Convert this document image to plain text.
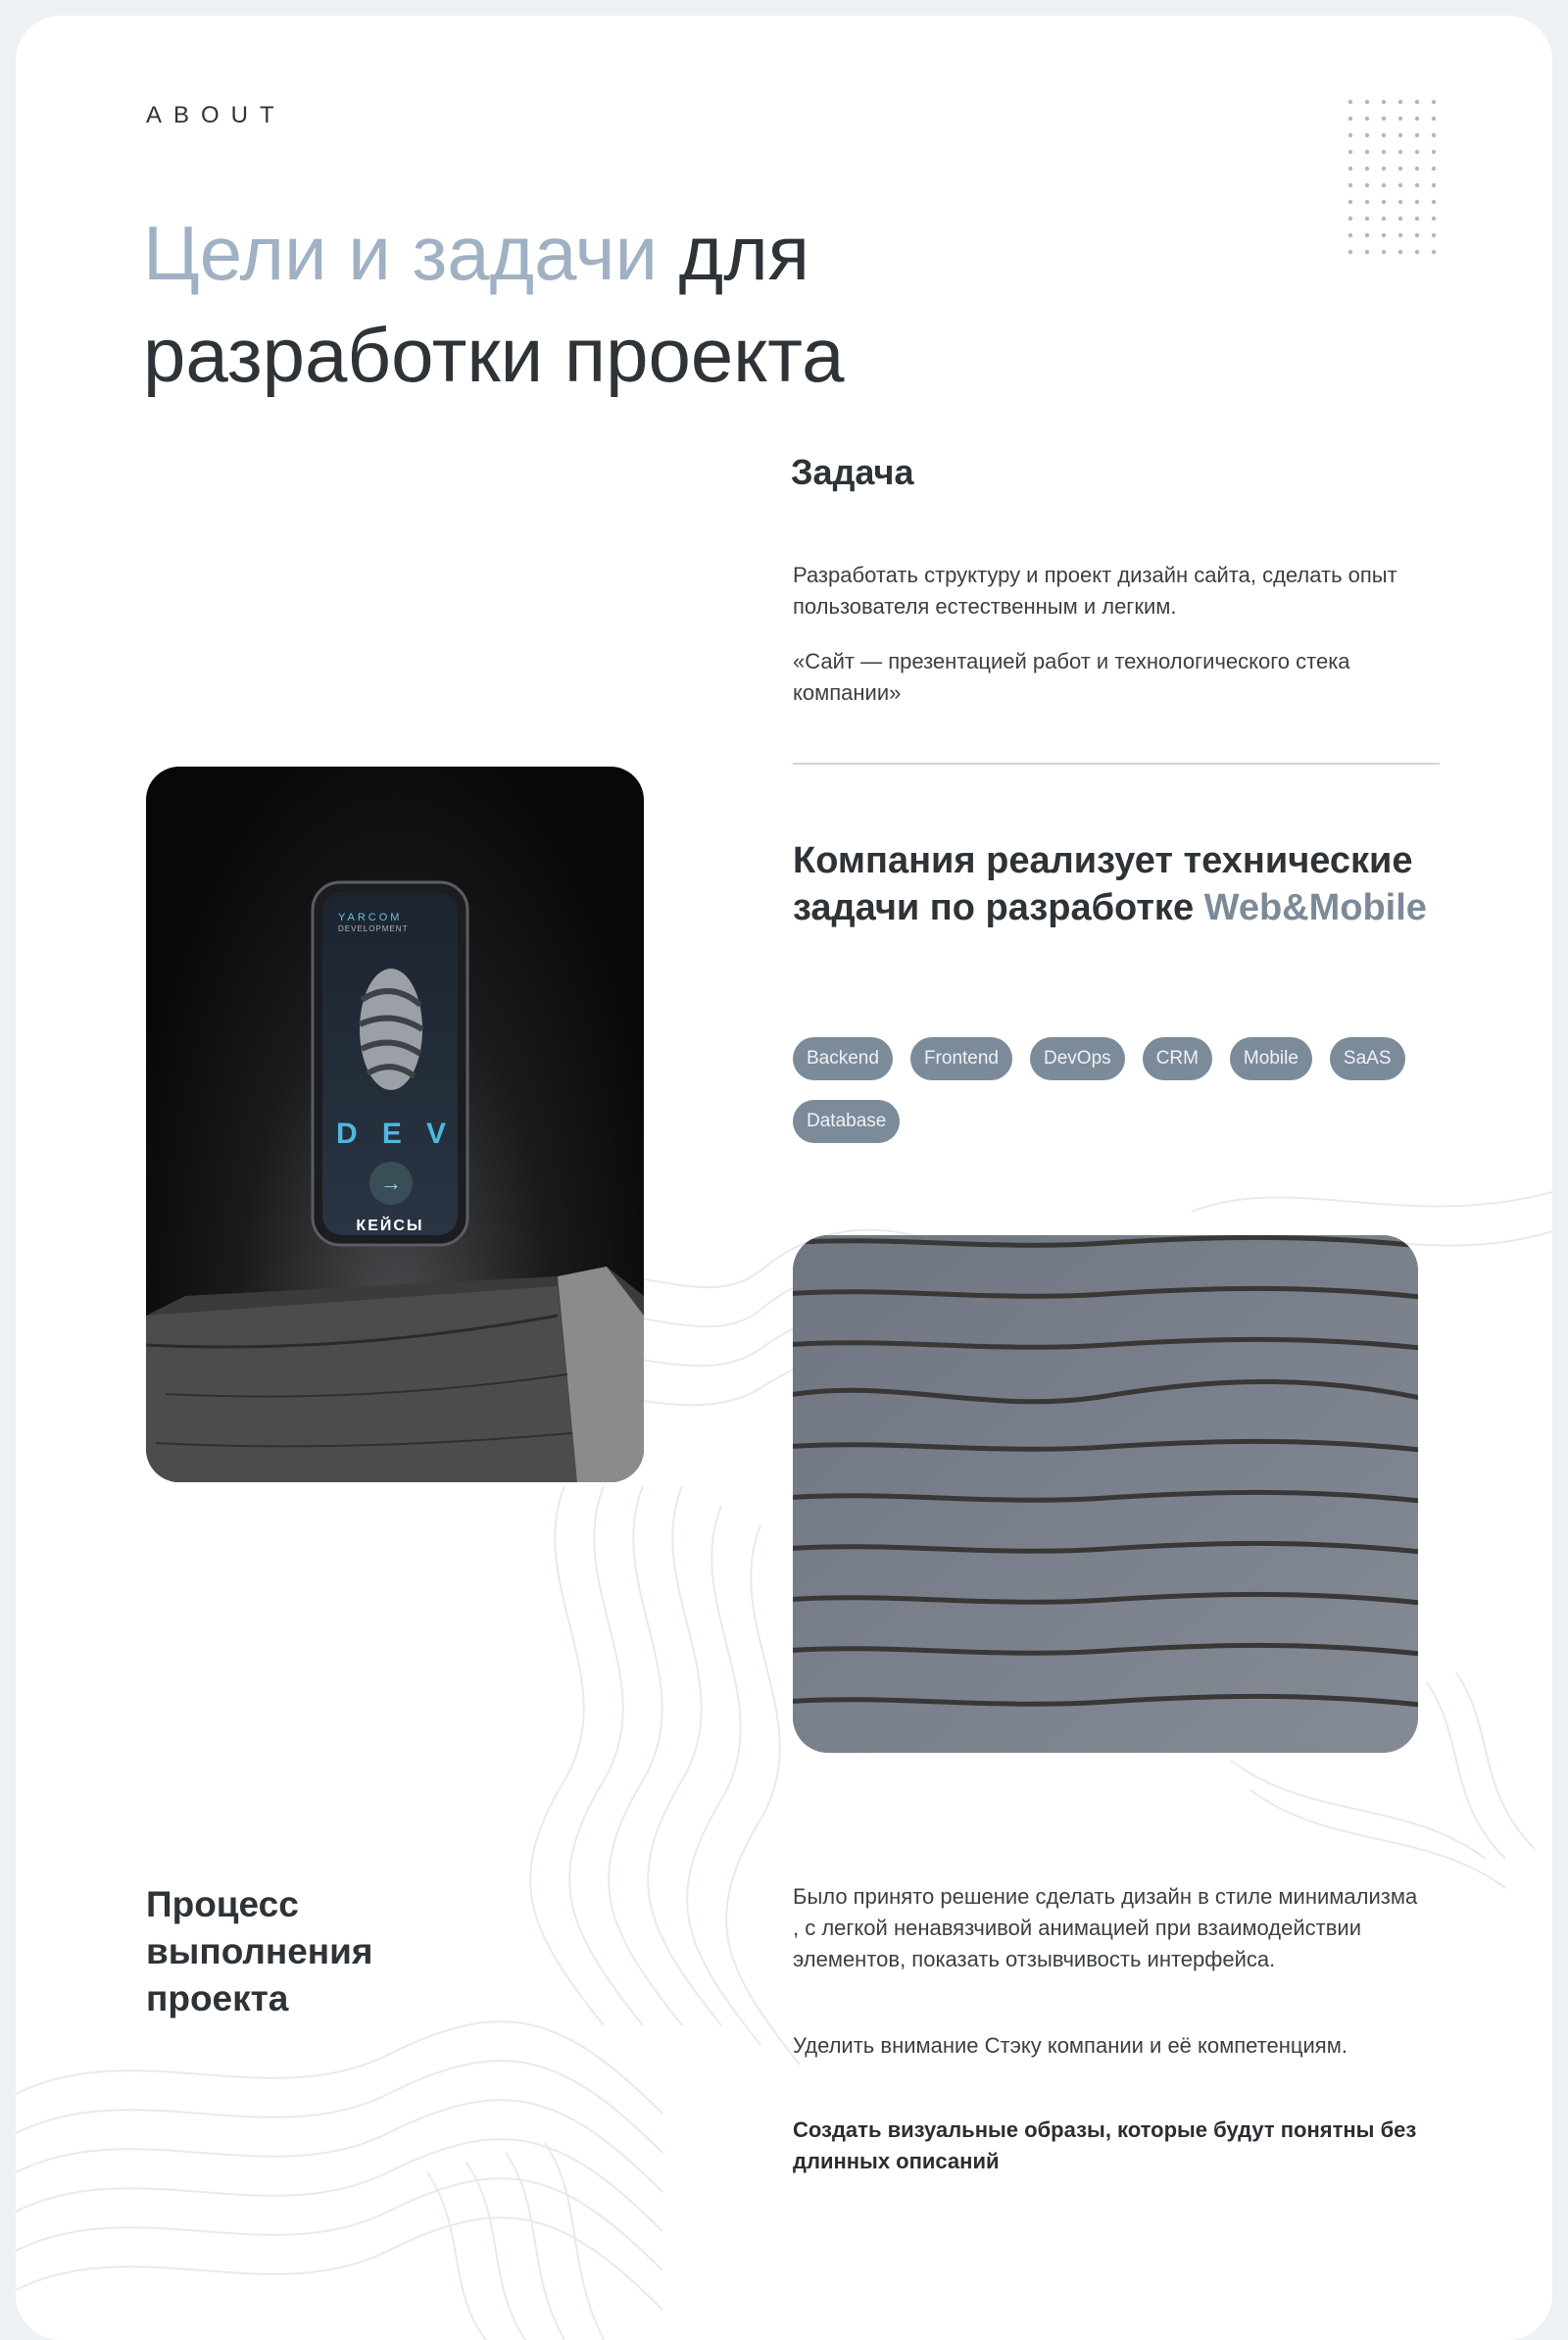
ABOUT
Цели и задачи для
разработки проекта
Задача

Разработать структуру и проект дизайн сайта, сделать опыт пользователя естественным и легким.

«Сайт — презентацией работ и технологического стека компании»

Компания реализует технические задачи по разработке Web&Mobile
Backend	Frontend	DevOps	CRM	Mobile	SaAS
Database
YARCOM
DEVELOPMENT
D E V
→
КЕЙСЫ
Процесс выполнения проекта

Было принято решение сделать дизайн в стиле минимализма , с легкой ненавязчивой анимацией при взаимодействии элементов, показать отзывчивость интерфейса.

Уделить внимание Стэку компании и её компетенциям.

Создать визуальные образы, которые будут понятны без длинных описаний
